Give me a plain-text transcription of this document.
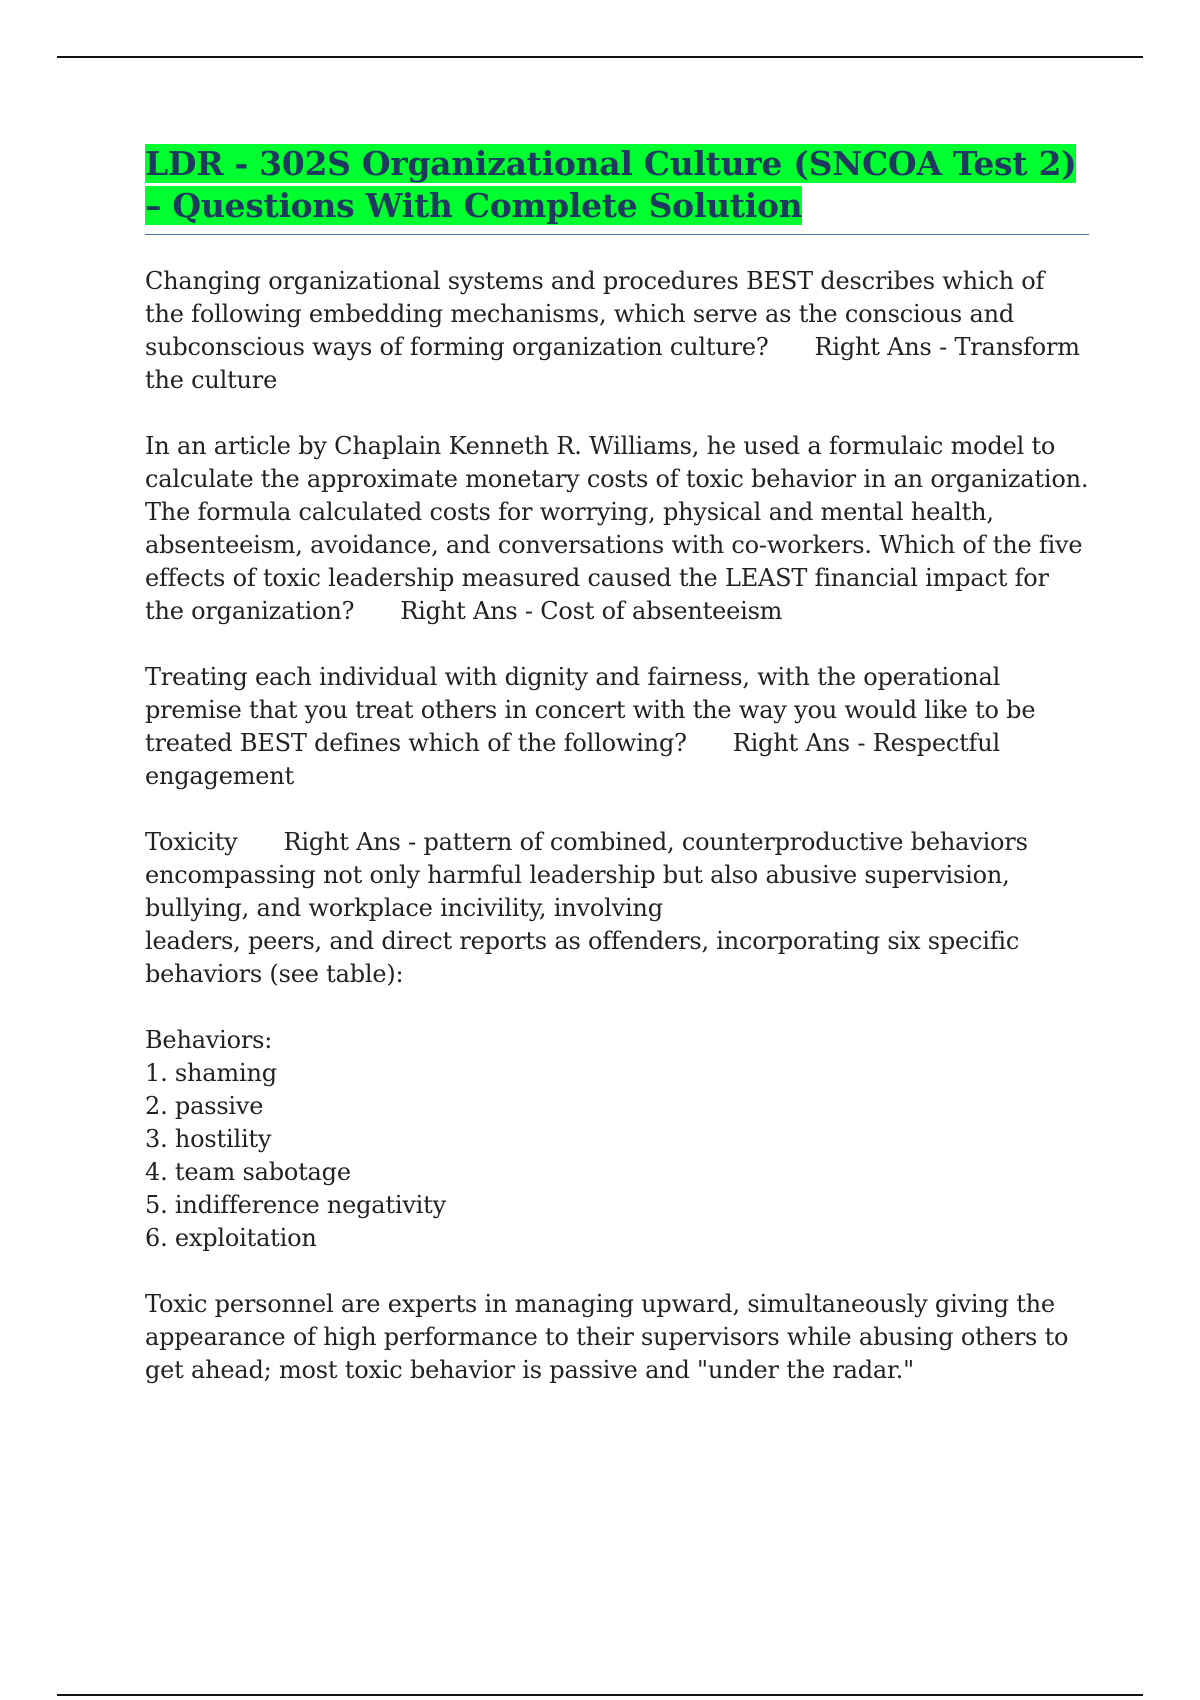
LDR - 302S Organizational Culture (SNCOA Test 2) – Questions With Complete Solution

Changing organizational systems and procedures BEST describes which of the following embedding mechanisms, which serve as the conscious and subconscious ways of forming organization culture? Right Ans - Transform the culture

In an article by Chaplain Kenneth R. Williams, he used a formulaic model to calculate the approximate monetary costs of toxic behavior in an organization. The formula calculated costs for worrying, physical and mental health, absenteeism, avoidance, and conversations with co-workers. Which of the five effects of toxic leadership measured caused the LEAST financial impact for the organization? Right Ans - Cost of absenteeism

Treating each individual with dignity and fairness, with the operational premise that you treat others in concert with the way you would like to be treated BEST defines which of the following? Right Ans - Respectful engagement

Toxicity Right Ans - pattern of combined, counterproductive behaviors encompassing not only harmful leadership but also abusive supervision, bullying, and workplace incivility, involving
leaders, peers, and direct reports as offenders, incorporating six specific behaviors (see table):

Behaviors:

1. shaming
2. passive
3. hostility
4. team sabotage
5. indifference negativity
6. exploitation

Toxic personnel are experts in managing upward, simultaneously giving the appearance of high performance to their supervisors while abusing others to get ahead; most toxic behavior is passive and "under the radar."
